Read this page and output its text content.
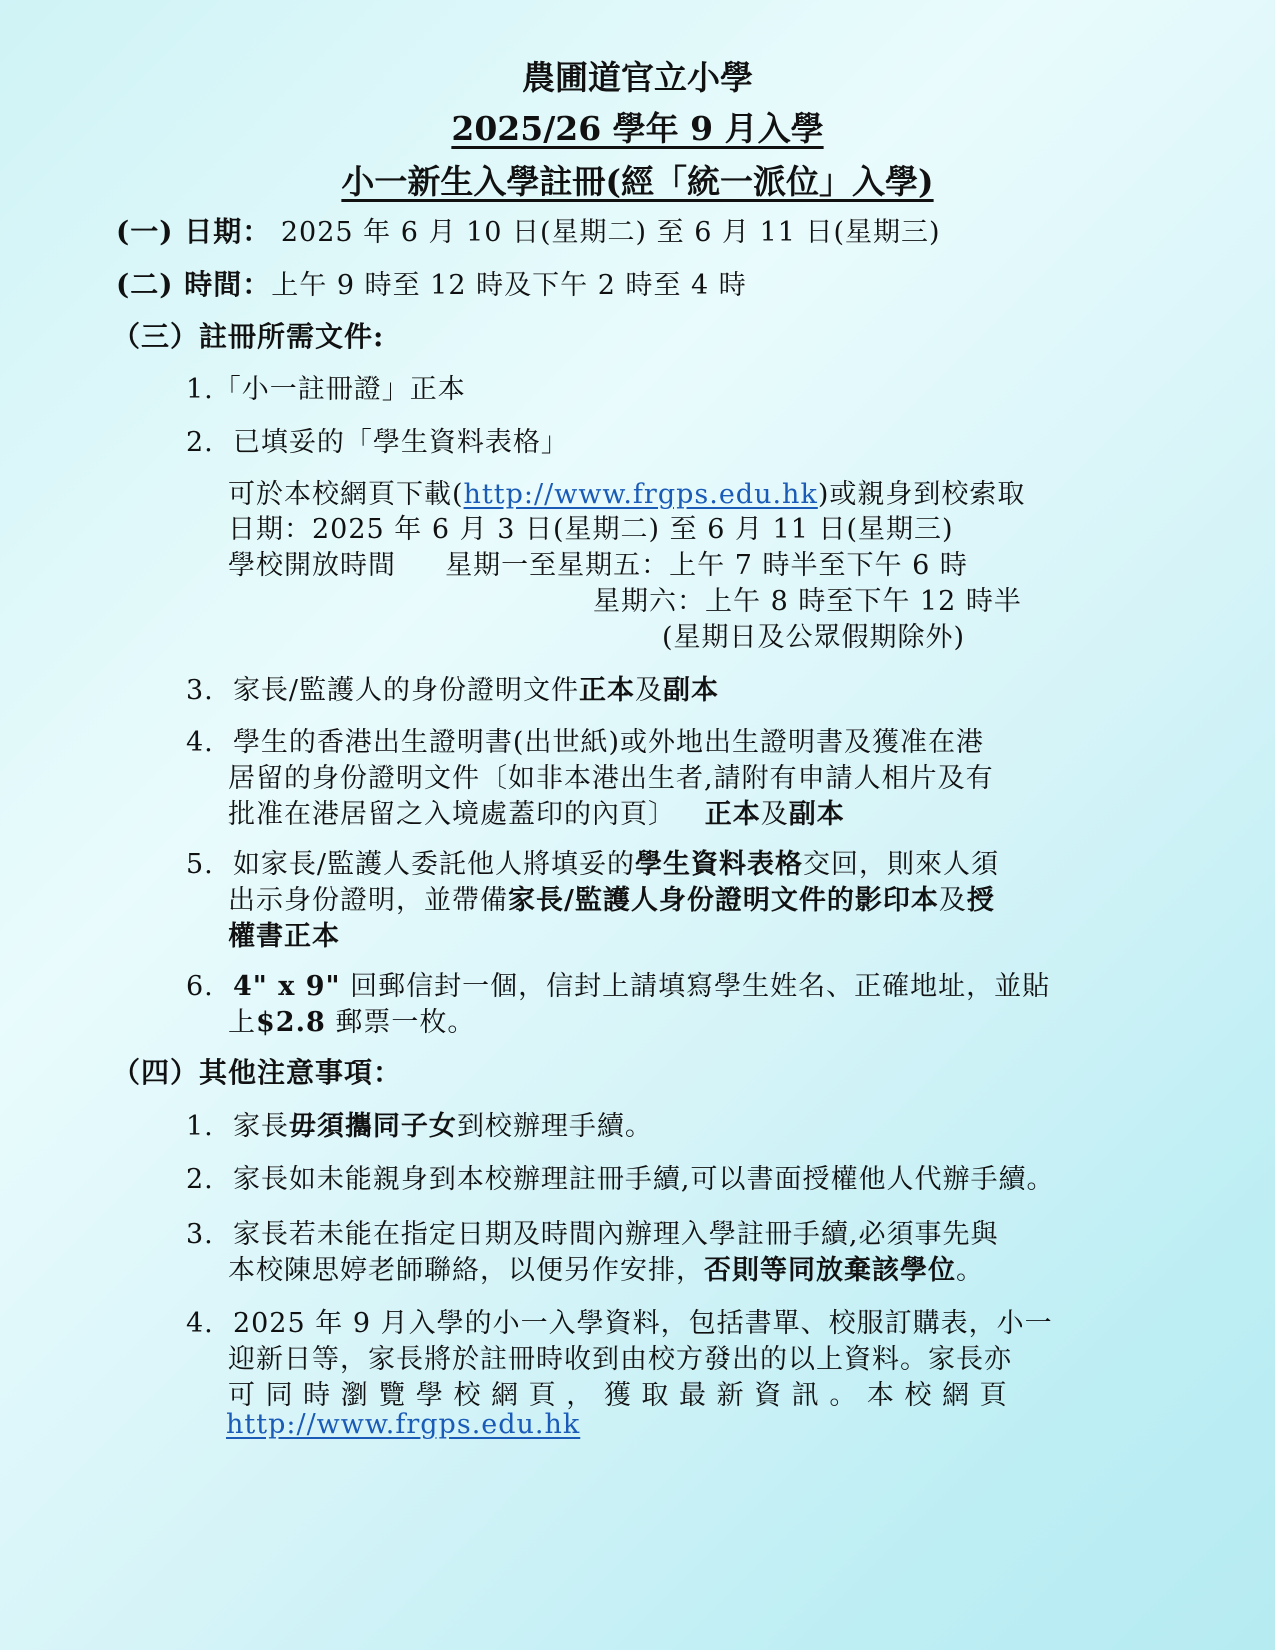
農圃道官立小學
2025/26 學年 9 月入學
小一新生入學註冊(經「統一派位」入學)
(一) 日期： 2025 年 6 月 10 日(星期二) 至 6 月 11 日(星期三)
(二) 時間：上午 9 時至 12 時及下午 2 時至 4 時
（三）註冊所需文件:
1.「小一註冊證」正本
2. 已填妥的「學生資料表格」
可於本校網頁下載(http://www.frgps.edu.hk)或親身到校索取
日期：2025 年 6 月 3 日(星期二) 至 6 月 11 日(星期三)
學校開放時間 星期一至星期五：上午 7 時半至下午 6 時
星期六：上午 8 時至下午 12 時半
(星期日及公眾假期除外)
3. 家長/監護人的身份證明文件正本及副本
4. 學生的香港出生證明書(出世紙)或外地出生證明書及獲准在港
居留的身份證明文件〔如非本港出生者,請附有申請人相片及有
批准在港居留之入境處蓋印的內頁〕 正本及副本
5. 如家長/監護人委託他人將填妥的學生資料表格交回，則來人須
出示身份證明，並帶備家長/監護人身份證明文件的影印本及授
權書正本
6. 4" x 9" 回郵信封一個，信封上請填寫學生姓名、正確地址，並貼
上$2.8 郵票一枚。
（四）其他注意事項：
1. 家長毋須攜同子女到校辦理手續。
2. 家長如未能親身到本校辦理註冊手續,可以書面授權他人代辦手續。
3. 家長若未能在指定日期及時間內辦理入學註冊手續,必須事先與
本校陳思婷老師聯絡，以便另作安排，否則等同放棄該學位。
4. 2025 年 9 月入學的小一入學資料，包括書單、校服訂購表，小一
迎新日等，家長將於註冊時收到由校方發出的以上資料。家長亦
可 同 時 瀏 覽 學 校 網 頁 ， 獲 取 最 新 資 訊 。 本 校 網 頁
http://www.frgps.edu.hk
